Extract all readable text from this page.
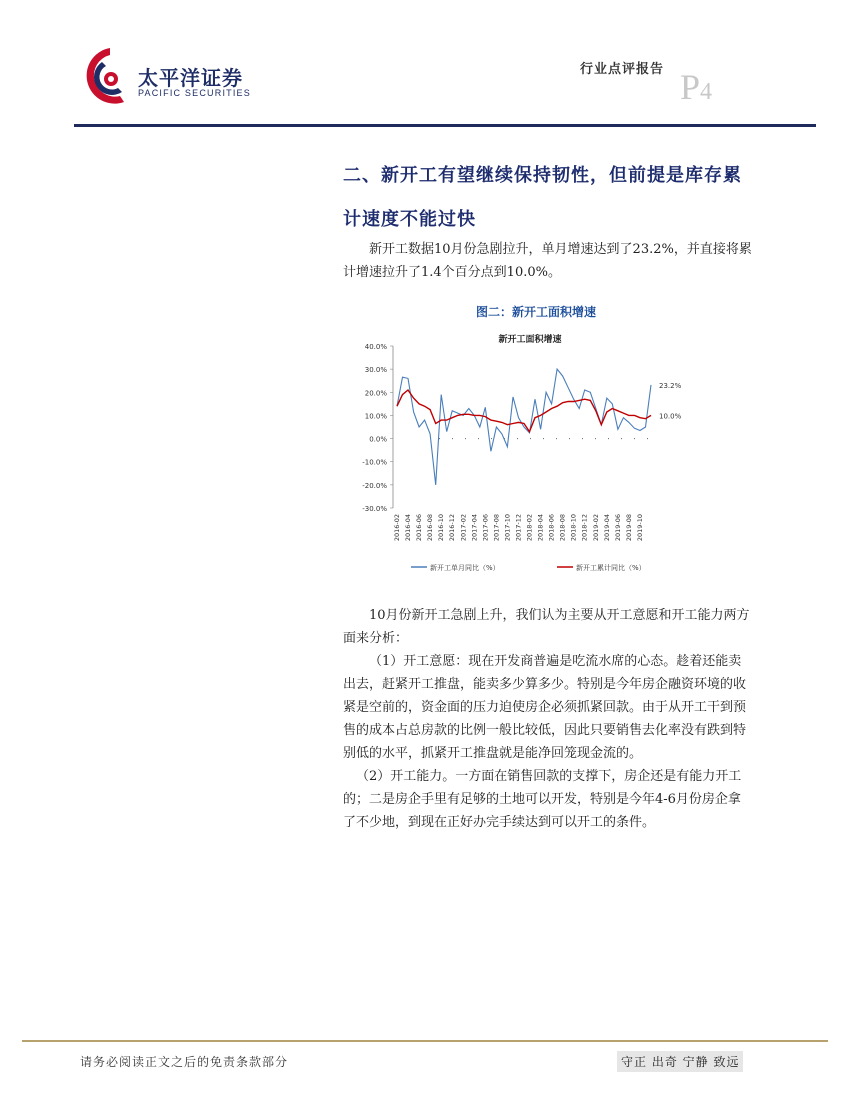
太平洋证券
PACIFIC SECURITIES
行业点评报告 P4
二、新开工有望继续保持韧性，但前提是库存累
计速度不能过快

新开工数据10月份急剧拉升，单月增速达到了23.2%，并直接将累计增速拉升了1.4个百分点到10.0%。

图二：新开工面积增速
新开工面积增速
40.0%
30.0%
20.0%
10.0%
0.0%
-10.0%
-20.0%
-30.0%
2016-02 2016-04 2016-06 2016-08 2016-10 2016-12 2017-02 2017-04 2017-06 2017-08 2017-10 2017-12 2018-02 2018-04 2018-06 2018-08 2018-10 2018-12 2019-02 2019-04 2019-06 2019-08 2019-10
23.2%
10.0%
新开工单月同比（%）	新开工累计同比（%）

10月份新开工急剧上升，我们认为主要从开工意愿和开工能力两方面来分析：

（1）开工意愿：现在开发商普遍是吃流水席的心态。趁着还能卖出去，赶紧开工推盘，能卖多少算多少。特别是今年房企融资环境的收紧是空前的，资金面的压力迫使房企必须抓紧回款。由于从开工干到预售的成本占总房款的比例一般比较低，因此只要销售去化率没有跌到特别低的水平，抓紧开工推盘就是能净回笼现金流的。

（2）开工能力。一方面在销售回款的支撑下，房企还是有能力开工的；二是房企手里有足够的土地可以开发，特别是今年4-6月份房企拿了不少地，到现在正好办完手续达到可以开工的条件。

请务必阅读正文之后的免责条款部分	守正 出奇 宁静 致远
